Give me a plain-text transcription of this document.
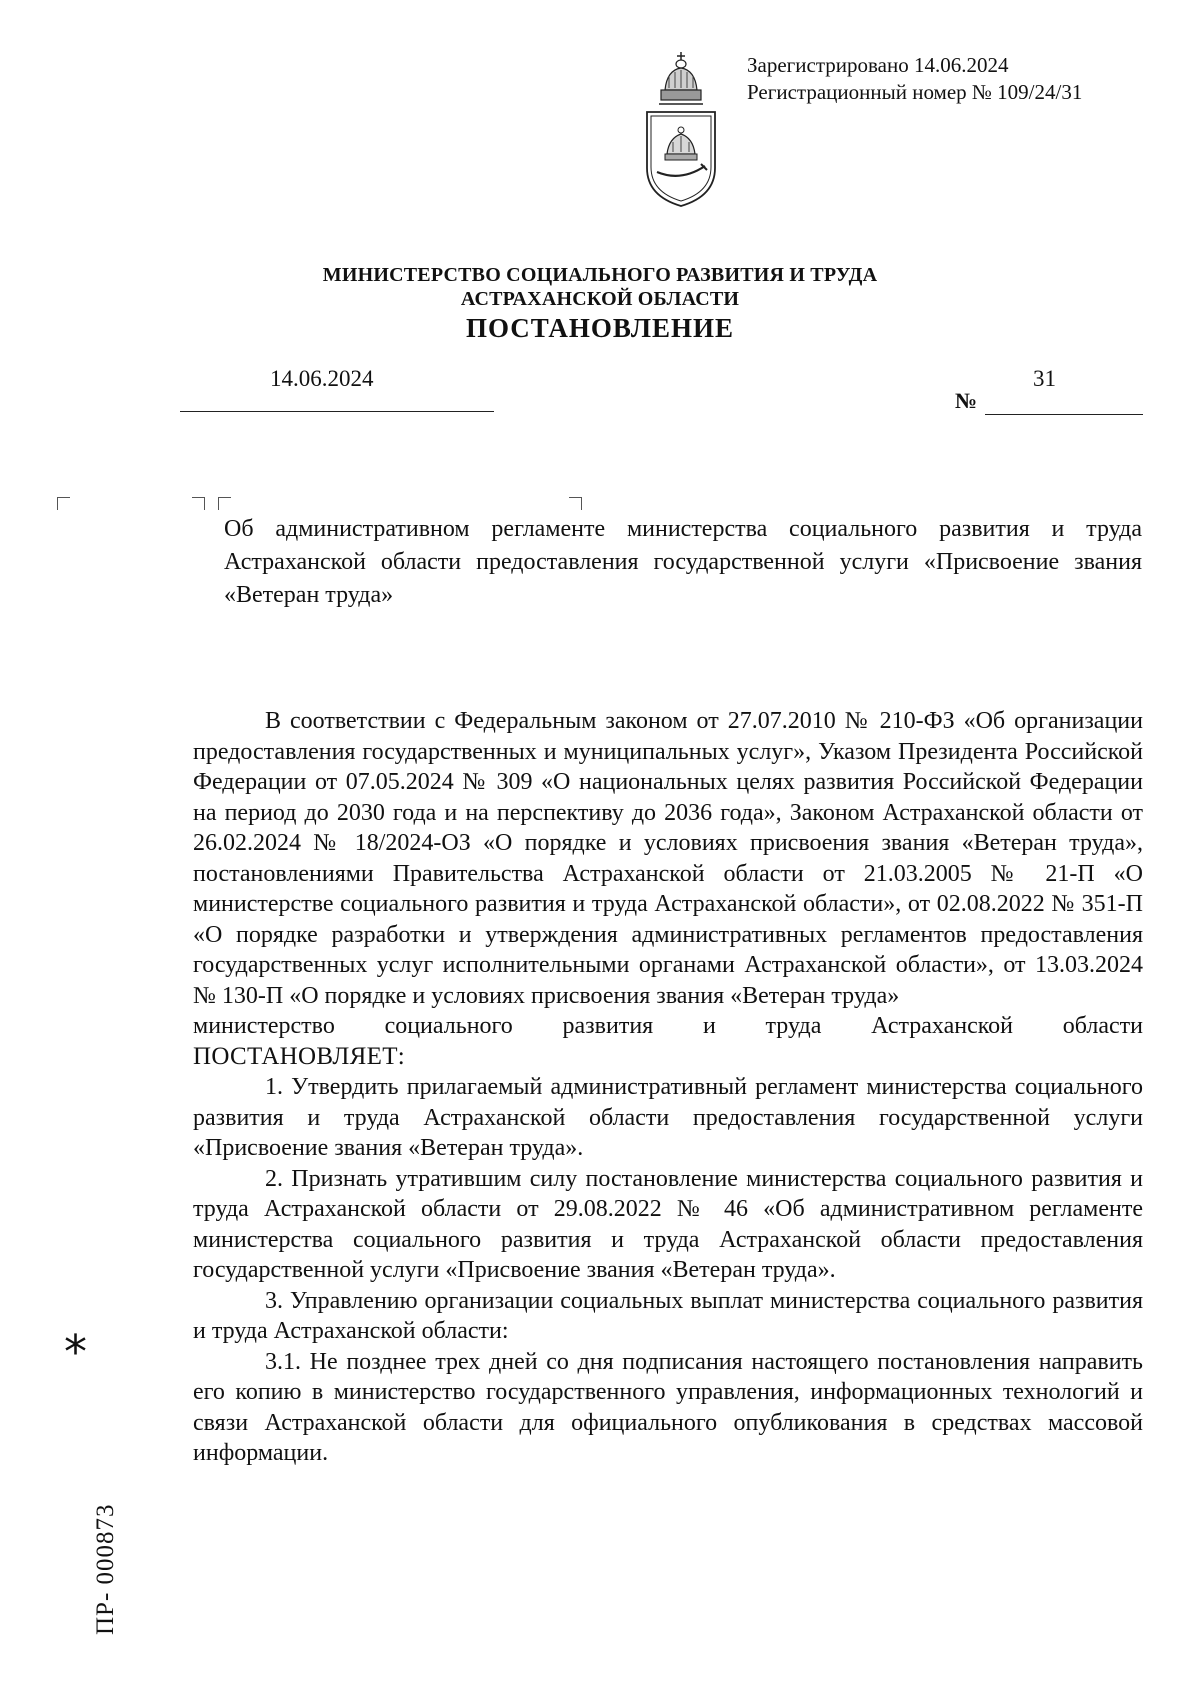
Зарегистрировано 14.06.2024
Регистрационный номер № 109/24/31
МИНИСТЕРСТВО СОЦИАЛЬНОГО РАЗВИТИЯ И ТРУДА
АСТРАХАНСКОЙ ОБЛАСТИ
ПОСТАНОВЛЕНИЕ
14.06.2024
№
31

Об административном регламенте министерства социального развития и труда Астраханской области предоставления государственной услуги «Присвоение звания «Ветеран труда»

В соответствии с Федеральным законом от 27.07.2010 № 210-ФЗ «Об организации предоставления государственных и муниципальных услуг», Указом Президента Российской Федерации от 07.05.2024 № 309 «О национальных целях развития Российской Федерации на период до 2030 года и на перспективу до 2036 года», Законом Астраханской области от 26.02.2024 № 18/2024-ОЗ «О порядке и условиях присвоения звания «Ветеран труда», постановлениями Правительства Астраханской области от 21.03.2005 № 21-П «О министерстве социального развития и труда Астраханской области», от 02.08.2022 № 351-П «О порядке разработки и утверждения административных регламентов предоставления государственных услуг исполнительными органами Астраханской области», от 13.03.2024 № 130-П «О порядке и условиях присвоения звания «Ветеран труда»

министерство социального развития и труда Астраханской области

ПОСТАНОВЛЯЕТ:

1. Утвердить прилагаемый административный регламент министерства социального развития и труда Астраханской области предоставления государственной услуги «Присвоение звания «Ветеран труда».

2. Признать утратившим силу постановление министерства социального развития и труда Астраханской области от 29.08.2022 № 46 «Об административном регламенте министерства социального развития и труда Астраханской области предоставления государственной услуги «Присвоение звания «Ветеран труда».

3. Управлению организации социальных выплат министерства социального развития и труда Астраханской области:

3.1. Не позднее трех дней со дня подписания настоящего постановления направить его копию в министерство государственного управления, информационных технологий и связи Астраханской области для официального опубликования в средствах массовой информации.

*
ПР- 000873
